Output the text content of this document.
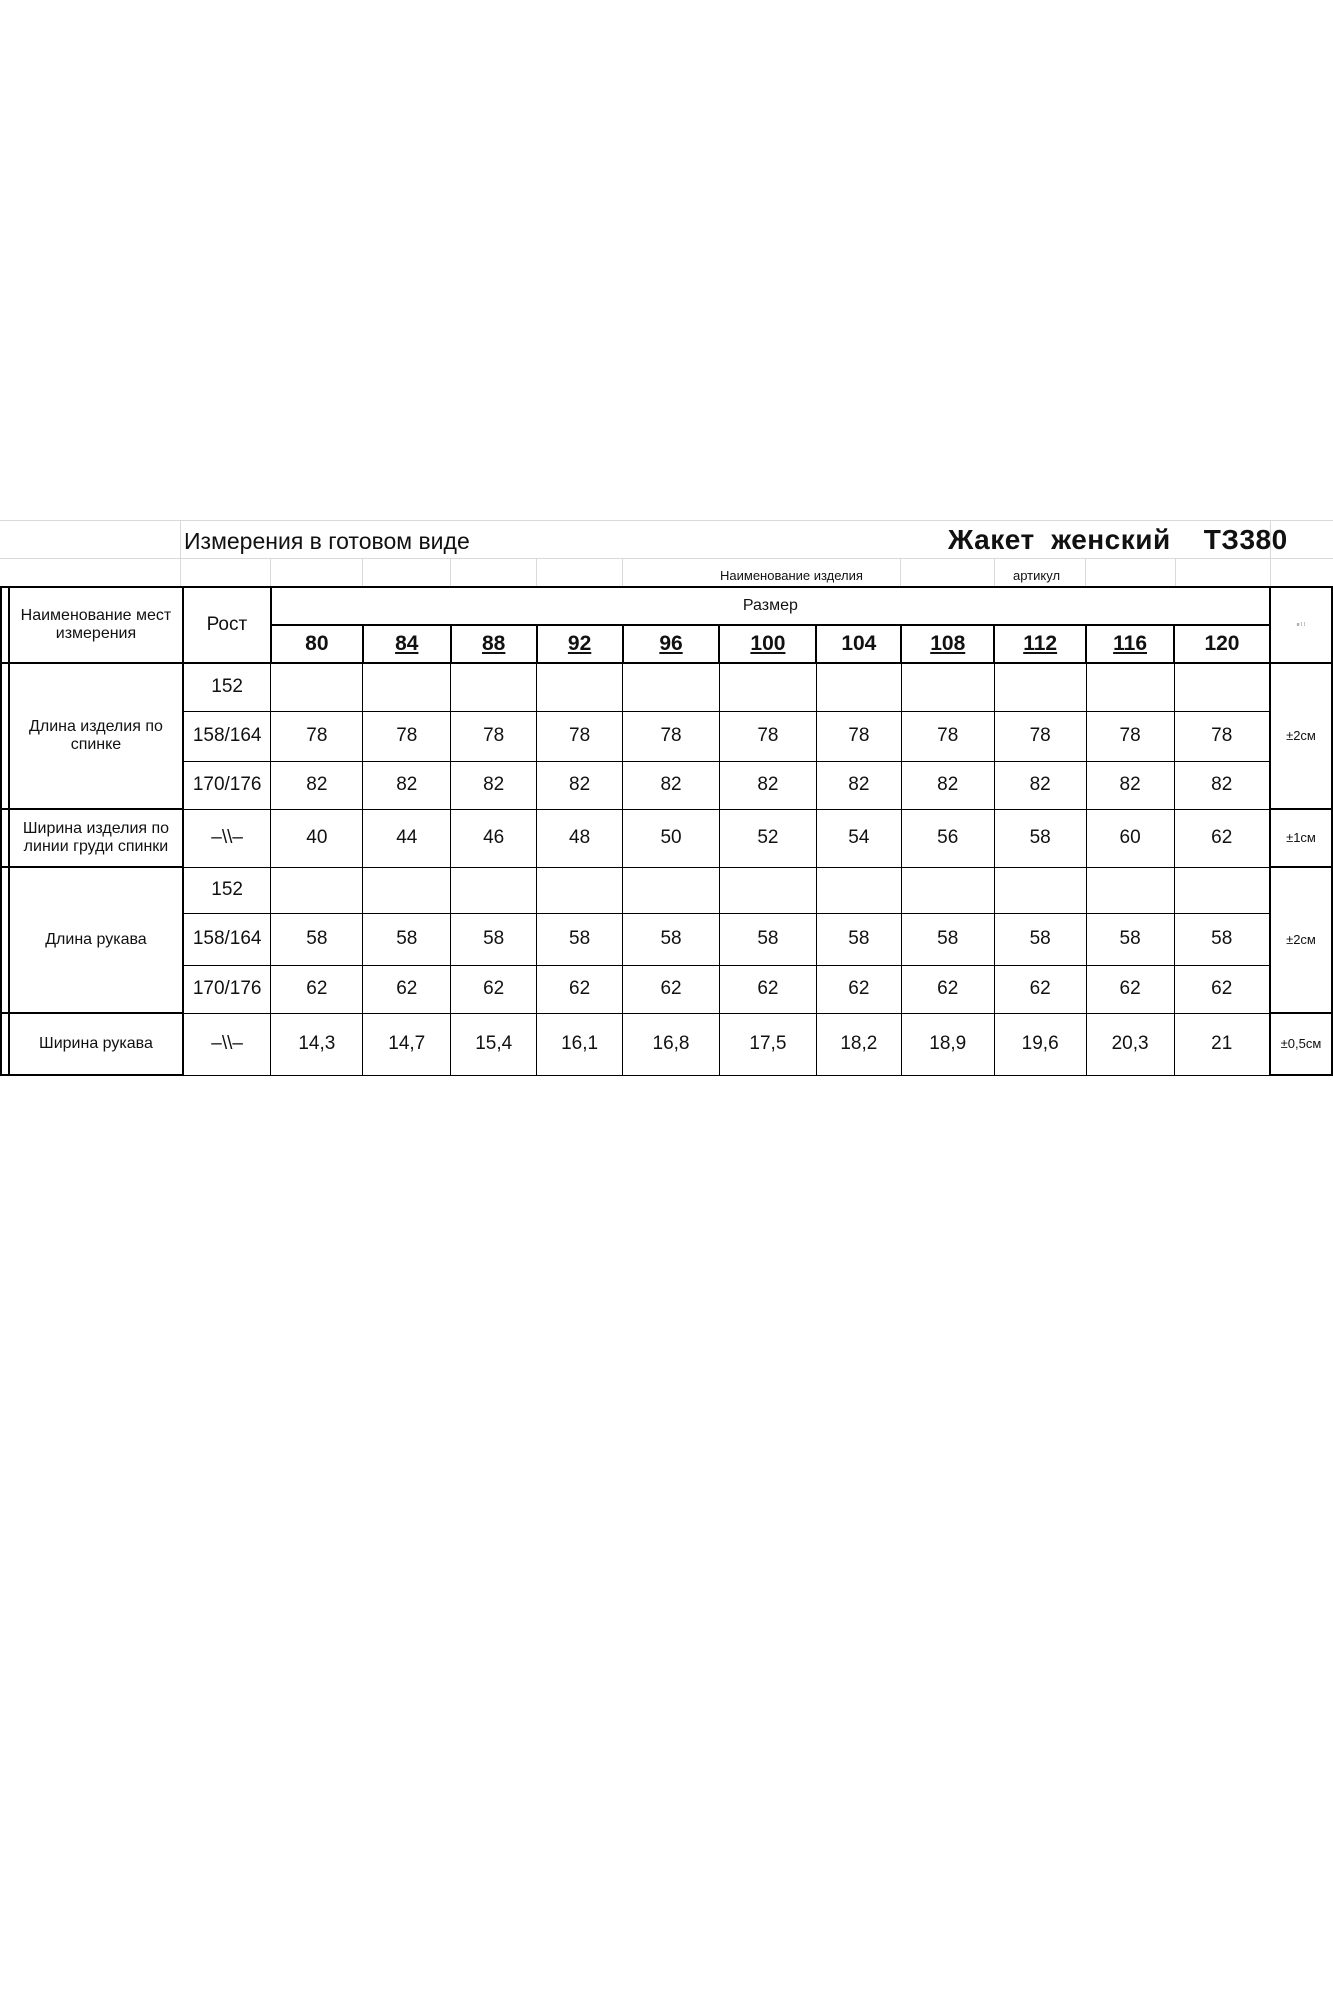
Измерения в готовом виде	Жакет  женский    ТЗ380
Наименование изделия	артикул
	Наименование мест измерения	Рост	Размер											≡ ⁞ ⁞
			80	84	88	92	96	100	104	108	112	116	120	
	Длина изделия по спинке	152												±2см
		158/164	78	78	78	78	78	78	78	78	78	78	78	
		170/176	82	82	82	82	82	82	82	82	82	82	82	
	Ширина изделия по линии груди спинки	–\\–	40	44	46	48	50	52	54	56	58	60	62	±1см
	Длина рукава	152												±2см
		158/164	58	58	58	58	58	58	58	58	58	58	58	
		170/176	62	62	62	62	62	62	62	62	62	62	62	
	Ширина рукава	–\\–	14,3	14,7	15,4	16,1	16,8	17,5	18,2	18,9	19,6	20,3	21	±0,5см
